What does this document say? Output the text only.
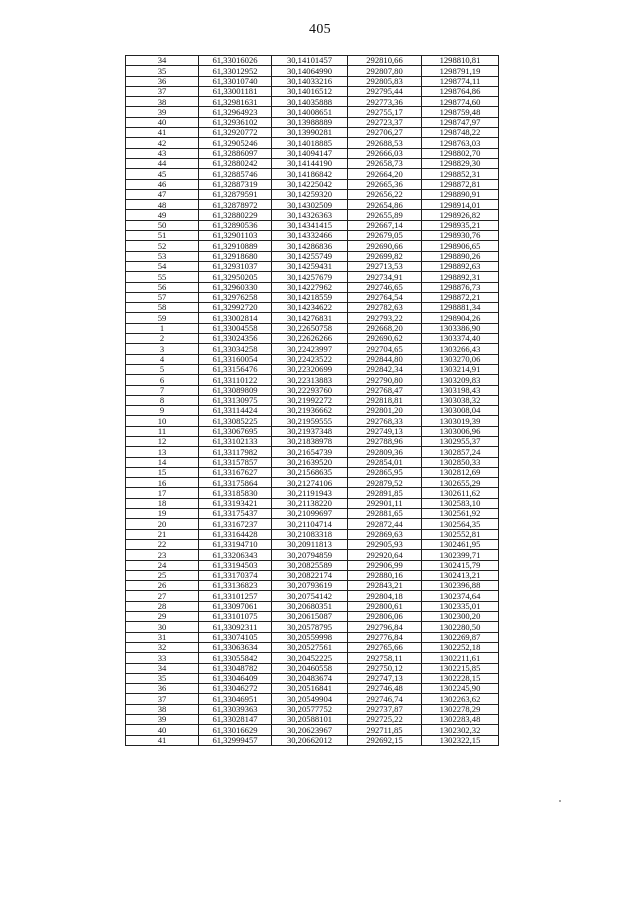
405
34	61,33016026	30,14101457	292810,66	1298810,81
35	61,33012952	30,14064990	292807,80	1298791,19
36	61,33010740	30,14033216	292805,83	1298774,11
37	61,33001181	30,14016512	292795,44	1298764,86
38	61,32981631	30,14035888	292773,36	1298774,60
39	61,32964923	30,14008651	292755,17	1298759,48
40	61,32936102	30,13988889	292723,37	1298747,97
41	61,32920772	30,13990281	292706,27	1298748,22
42	61,32905246	30,14018885	292688,53	1298763,03
43	61,32886097	30,14094147	292666,03	1298802,70
44	61,32880242	30,14144190	292658,73	1298829,30
45	61,32885746	30,14186842	292664,20	1298852,31
46	61,32887319	30,14225042	292665,36	1298872,81
47	61,32879591	30,14259320	292656,22	1298890,91
48	61,32878972	30,14302509	292654,86	1298914,01
49	61,32880229	30,14326363	292655,89	1298926,82
50	61,32890536	30,14341415	292667,14	1298935,21
51	61,32901103	30,14332466	292679,05	1298930,76
52	61,32910889	30,14286836	292690,66	1298906,65
53	61,32918680	30,14255749	292699,82	1298890,26
54	61,32931037	30,14259431	292713,53	1298892,63
55	61,32950205	30,14257679	292734,91	1298892,31
56	61,32960330	30,14227962	292746,65	1298876,73
57	61,32976258	30,14218559	292764,54	1298872,21
58	61,32992720	30,14234622	292782,63	1298881,34
59	61,33002814	30,14276831	292793,22	1298904,26
1	61,33004558	30,22650758	292668,20	1303386,90
2	61,33024356	30,22626266	292690,62	1303374,40
3	61,33034258	30,22423997	292704,65	1303266,43
4	61,33160054	30,22423522	292844,80	1303270,06
5	61,33156476	30,22320699	292842,34	1303214,91
6	61,33110122	30,22313883	292790,80	1303209,83
7	61,33089809	30,22293760	292768,47	1303198,43
8	61,33130975	30,21992272	292818,81	1303038,32
9	61,33114424	30,21936662	292801,20	1303008,04
10	61,33085225	30,21959555	292768,33	1303019,39
11	61,33067695	30,21937348	292749,13	1303006,96
12	61,33102133	30,21838978	292788,96	1302955,37
13	61,33117982	30,21654739	292809,36	1302857,24
14	61,33157857	30,21639520	292854,01	1302850,33
15	61,33167627	30,21568635	292865,95	1302812,69
16	61,33175864	30,21274106	292879,52	1302655,29
17	61,33185830	30,21191943	292891,85	1302611,62
18	61,33193421	30,21138220	292901,11	1302583,10
19	61,33175437	30,21099697	292881,65	1302561,92
20	61,33167237	30,21104714	292872,44	1302564,35
21	61,33164428	30,21083318	292869,63	1302552,81
22	61,33194710	30,20911813	292905,93	1302461,95
23	61,33206343	30,20794859	292920,64	1302399,71
24	61,33194503	30,20825589	292906,99	1302415,79
25	61,33170374	30,20822174	292880,16	1302413,21
26	61,33136823	30,20793619	292843,21	1302396,88
27	61,33101257	30,20754142	292804,18	1302374,64
28	61,33097061	30,20680351	292800,61	1302335,01
29	61,33101075	30,20615087	292806,06	1302300,20
30	61,33092311	30,20578795	292796,84	1302280,50
31	61,33074105	30,20559998	292776,84	1302269,87
32	61,33063634	30,20527561	292765,66	1302252,18
33	61,33055842	30,20452225	292758,11	1302211,61
34	61,33048782	30,20460558	292750,12	1302215,85
35	61,33046409	30,20483674	292747,13	1302228,15
36	61,33046272	30,20516841	292746,48	1302245,90
37	61,33046951	30,20549904	292746,74	1302263,62
38	61,33039363	30,20577752	292737,87	1302278,29
39	61,33028147	30,20588101	292725,22	1302283,48
40	61,33016629	30,20623967	292711,85	1302302,32
41	61,32999457	30,20662012	292692,15	1302322,15
